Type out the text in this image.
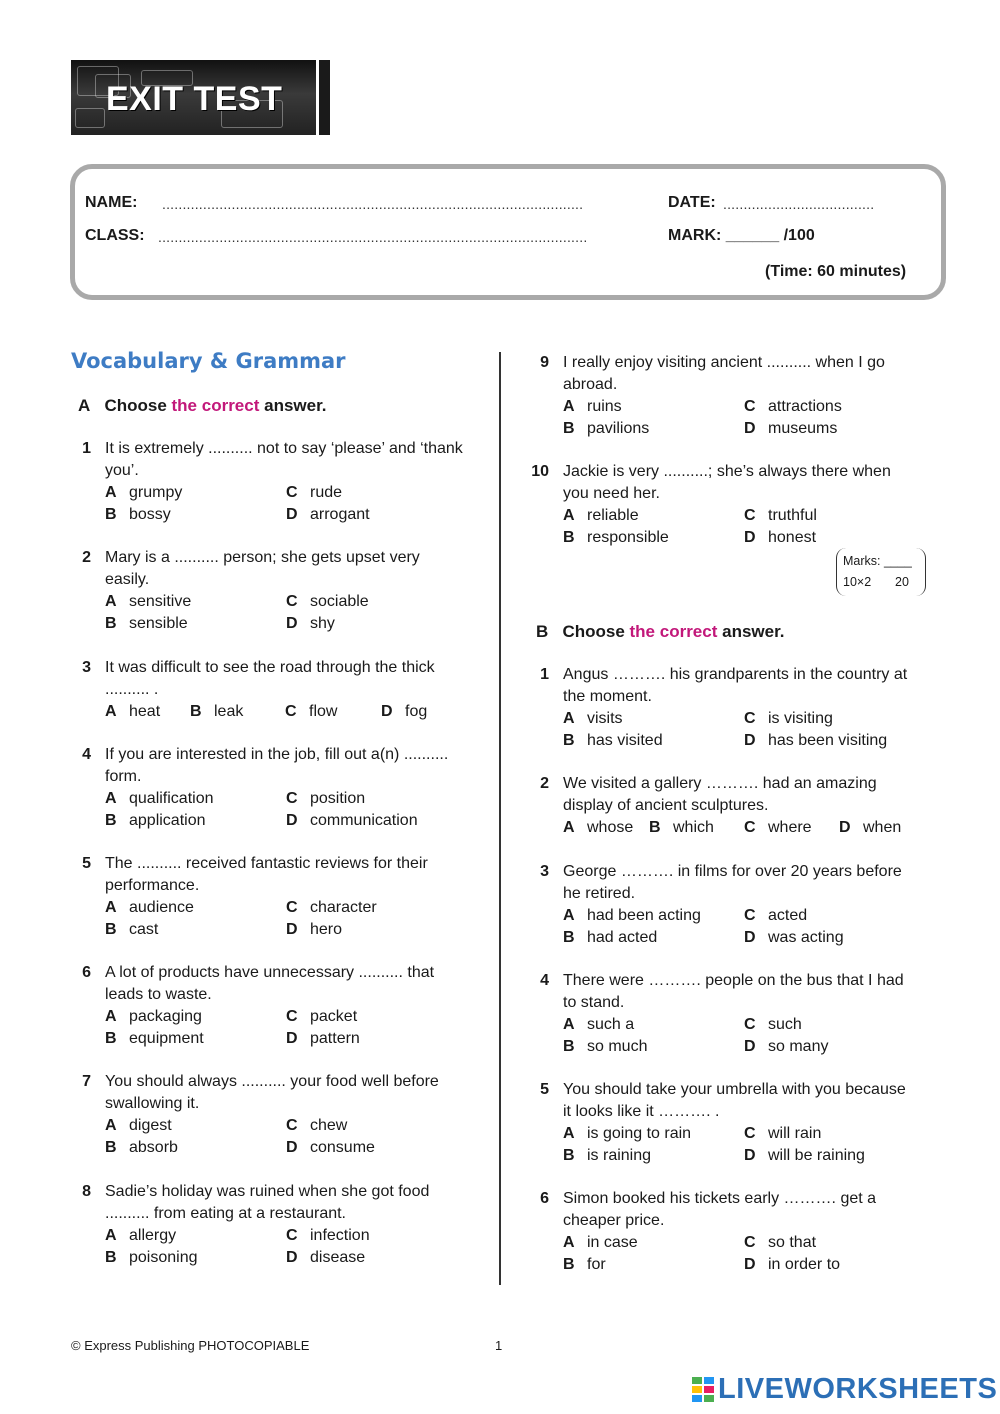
EXIT TEST
NAME: .......................................................................................................	DATE: .....................................
CLASS: .........................................................................................................	MARK: ______ /100
(Time: 60 minutes)
Vocabulary & Grammar
A Choose the correct answer.
B Choose the correct answer.
Marks: ____
10×2 20
1 It is extremely .......... not to say ‘please’ and ‘thank
you’.
A grumpy
B bossy
C rude
D arrogant
2 Mary is a .......... person; she gets upset very
easily.
A sensitive
B sensible
C sociable
D shy
3 It was difficult to see the road through the thick
.......... .
A heat B leak	C flow	D fog
4 If you are interested in the job, fill out a(n) ..........
form.
A qualification
B application
C position
D communication
5 The .......... received fantastic reviews for their
performance.
A audience
B cast
C character
D hero
6 A lot of products have unnecessary .......... that
leads to waste.
A packaging
B equipment
C packet
D pattern
7 You should always .......... your food well before
swallowing it.
A digest
B absorb
C chew
D consume
8 Sadie’s holiday was ruined when she got food
.......... from eating at a restaurant.
A allergy
B poisoning
C infection
D disease
9 I really enjoy visiting ancient .......... when I go
abroad.
A ruins
B pavilions
C attractions
D museums
10 Jackie is very ..........; she’s always there when
you need her.
A reliable
B responsible
C truthful
D honest
1 Angus ………. his grandparents in the country at
the moment.
A visits
B has visited
C is visiting
D has been visiting
2 We visited a gallery ………. had an amazing
display of ancient sculptures.
A whose B which C where D when
3 George ………. in films for over 20 years before
he retired.
A had been acting
B had acted
C acted
D was acting
4 There were ………. people on the bus that I had
to stand.
A such a
B so much
C such
D so many
5 You should take your umbrella with you because
it looks like it ………. .
A is going to rain
B is raining
C will rain
D will be raining
6 Simon booked his tickets early ………. get a
cheaper price.
A in case
B for
C so that
D in order to
© Express Publishing PHOTOCOPIABLE	1
LIVEWORKSHEETS
